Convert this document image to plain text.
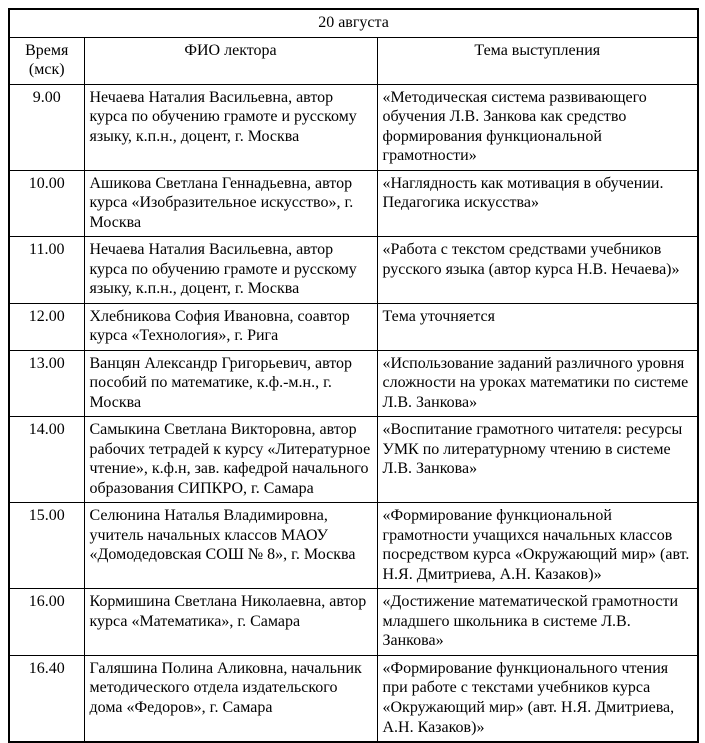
20 августа		
Время (мск)	ФИО лектора	Тема выступления
9.00	Нечаева Наталия Васильевна, автор курса по обучению грамоте и русскому языку, к.п.н., доцент, г. Москва	«Методическая система развивающего обучения Л.В. Занкова как средство формирования функциональной грамотности»
10.00	Ашикова Светлана Геннадьевна, автор курса «Изобразительное искусство», г. Москва	«Наглядность как мотивация в обучении. Педагогика искусства»
11.00	Нечаева Наталия Васильевна, автор курса по обучению грамоте и русскому языку, к.п.н., доцент, г. Москва	«Работа с текстом средствами учебников русского языка (автор курса Н.В. Нечаева)»
12.00	Хлебникова София Ивановна, соавтор курса «Технология», г. Рига	Тема уточняется
13.00	Ванцян Александр Григорьевич, автор пособий по математике, к.ф.-м.н., г. Москва	«Использование заданий различного уровня сложности на уроках математики по системе Л.В. Занкова»
14.00	Самыкина Светлана Викторовна, автор рабочих тетрадей к курсу «Литературное чтение», к.ф.н, зав. кафедрой начального образования СИПКРО, г. Самара	«Воспитание грамотного читателя: ресурсы УМК по литературному чтению в системе Л.В. Занкова»
15.00	Селюнина Наталья Владимировна, учитель начальных классов МАОУ «Домодедовская СОШ № 8», г. Москва	«Формирование функциональной грамотности учащихся начальных классов посредством курса «Окружающий мир» (авт. Н.Я. Дмитриева, А.Н. Казаков)»
16.00	Кормишина Светлана Николаевна, автор курса «Математика», г. Самара	«Достижение математической грамотности младшего школьника в системе Л.В. Занкова»
16.40	Галяшина Полина Аликовна, начальник методического отдела издательского дома «Федоров», г. Самара	«Формирование функционального чтения при работе с текстами учебников курса «Окружающий мир» (авт. Н.Я. Дмитриева, А.Н. Казаков)»
